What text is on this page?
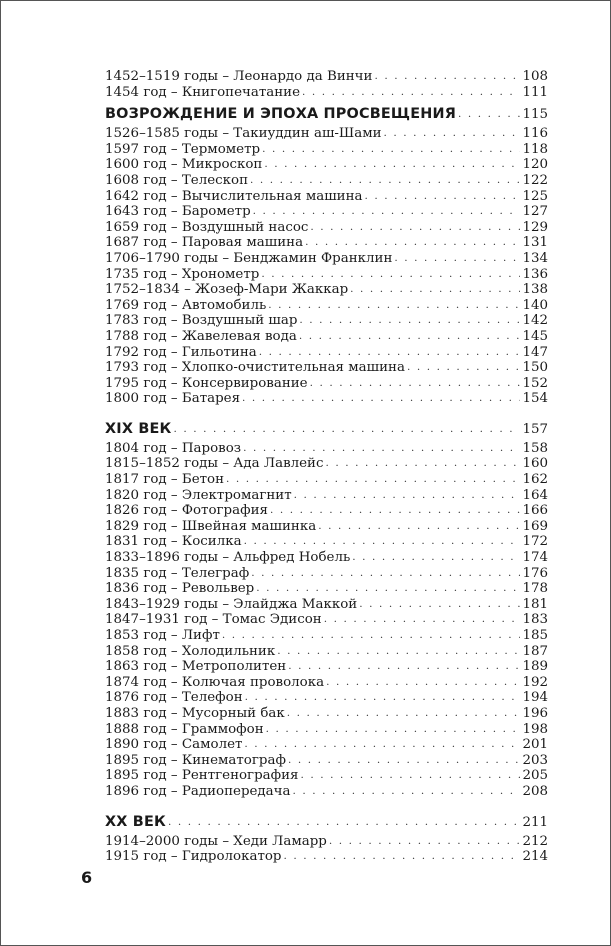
1452–1519 годы – Леонардо да Винчи . . .	108
1454 год – Книгопечатание . . .	111
ВОЗРОЖДЕНИЕ И ЭПОХА ПРОСВЕЩЕНИЯ . . .	115
1526–1585 годы – Такиуддин аш-Шами . . .	116
1597 год – Термометр . . .	118
1600 год – Микроскоп . . .	120
1608 год – Телескоп . . .	122
1642 год – Вычислительная машина . . .	125
1643 год – Барометр . . .	127
1659 год – Воздушный насос . . .	129
1687 год – Паровая машина . . .	131
1706–1790 годы – Бенджамин Франклин . . .	134
1735 год – Хронометр . . .	136
1752–1834 – Жозеф-Мари Жаккар . . .	138
1769 год – Автомобиль . . .	140
1783 год – Воздушный шар . . .	142
1788 год – Жавелевая вода . . .	145
1792 год – Гильотина . . .	147
1793 год – Хлопко-очистительная машина . . .	150
1795 год – Консервирование . . .	152
1800 год – Батарея . . .	154
XIX ВЕК . . .	157
1804 год – Паровоз . . .	158
1815–1852 годы – Ада Лавлейс . . .	160
1817 год – Бетон . . .	162
1820 год – Электромагнит . . .	164
1826 год – Фотография . . .	166
1829 год – Швейная машинка . . .	169
1831 год – Косилка . . .	172
1833–1896 годы – Альфред Нобель . . .	174
1835 год – Телеграф . . .	176
1836 год – Револьвер . . .	178
1843–1929 годы – Элайджа Маккой . . .	181
1847–1931 год – Томас Эдисон . . .	183
1853 год – Лифт . . .	185
1858 год – Холодильник . . .	187
1863 год – Метрополитен . . .	189
1874 год – Колючая проволока . . .	192
1876 год – Телефон . . .	194
1883 год – Мусорный бак . . .	196
1888 год – Граммофон . . .	198
1890 год – Самолет . . .	201
1895 год – Кинематограф . . .	203
1895 год – Рентгенография . . .	205
1896 год – Радиопередача . . .	208
XX ВЕК . . .	211
1914–2000 годы – Хеди Ламарр . . .	212
1915 год – Гидролокатор . . .	214
6
